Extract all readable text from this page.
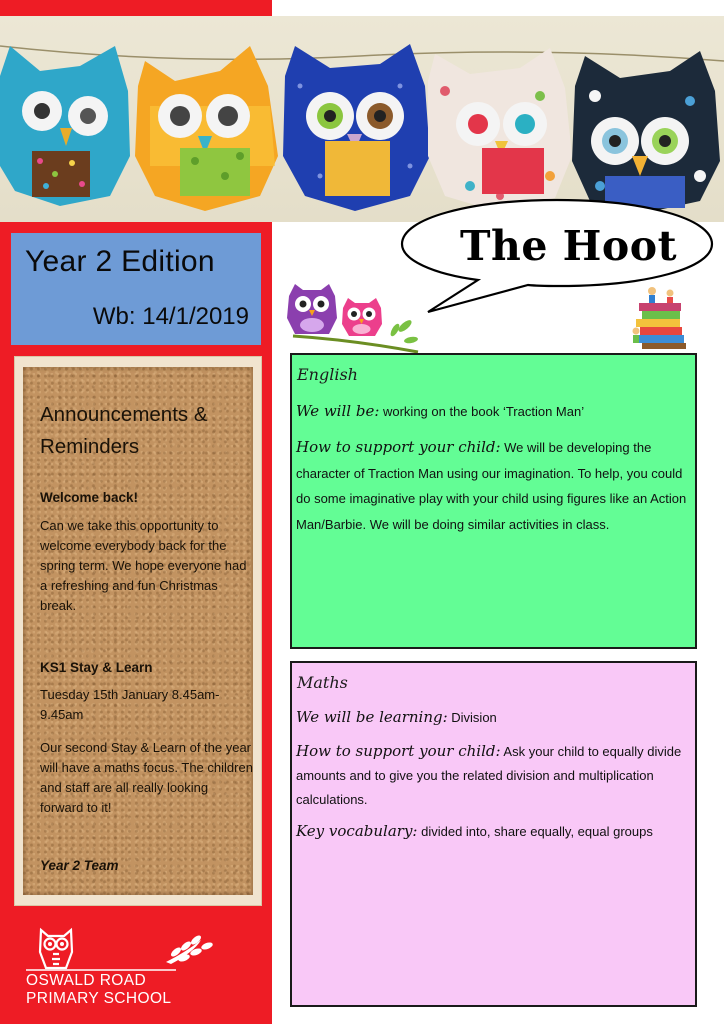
Year 2 Edition
Wb: 14/1/2019
Announcements & Reminders
Welcome back!
Can we take this opportunity to welcome everybody back for the spring term. We hope everyone had a refreshing and fun Christmas break.
KS1 Stay & Learn
Tuesday 15th January 8.45am-9.45am
Our second Stay & Learn of the year will have a maths focus. The children and staff are all really looking forward to it!
Year 2 Team
OSWALD ROAD
PRIMARY SCHOOL
The Hoot
English
We will be: working on the book ‘Traction Man’
How to support your child: We will be developing the character of Traction Man using our imagination. To help, you could do some imaginative play with your child using figures like an Action Man/Barbie. We will be doing similar activities in class.
Maths
We will be learning: Division
How to support your child: Ask your child to equally divide amounts and to give you the related division and multiplication calculations.
Key vocabulary: divided into, share equally, equal groups
